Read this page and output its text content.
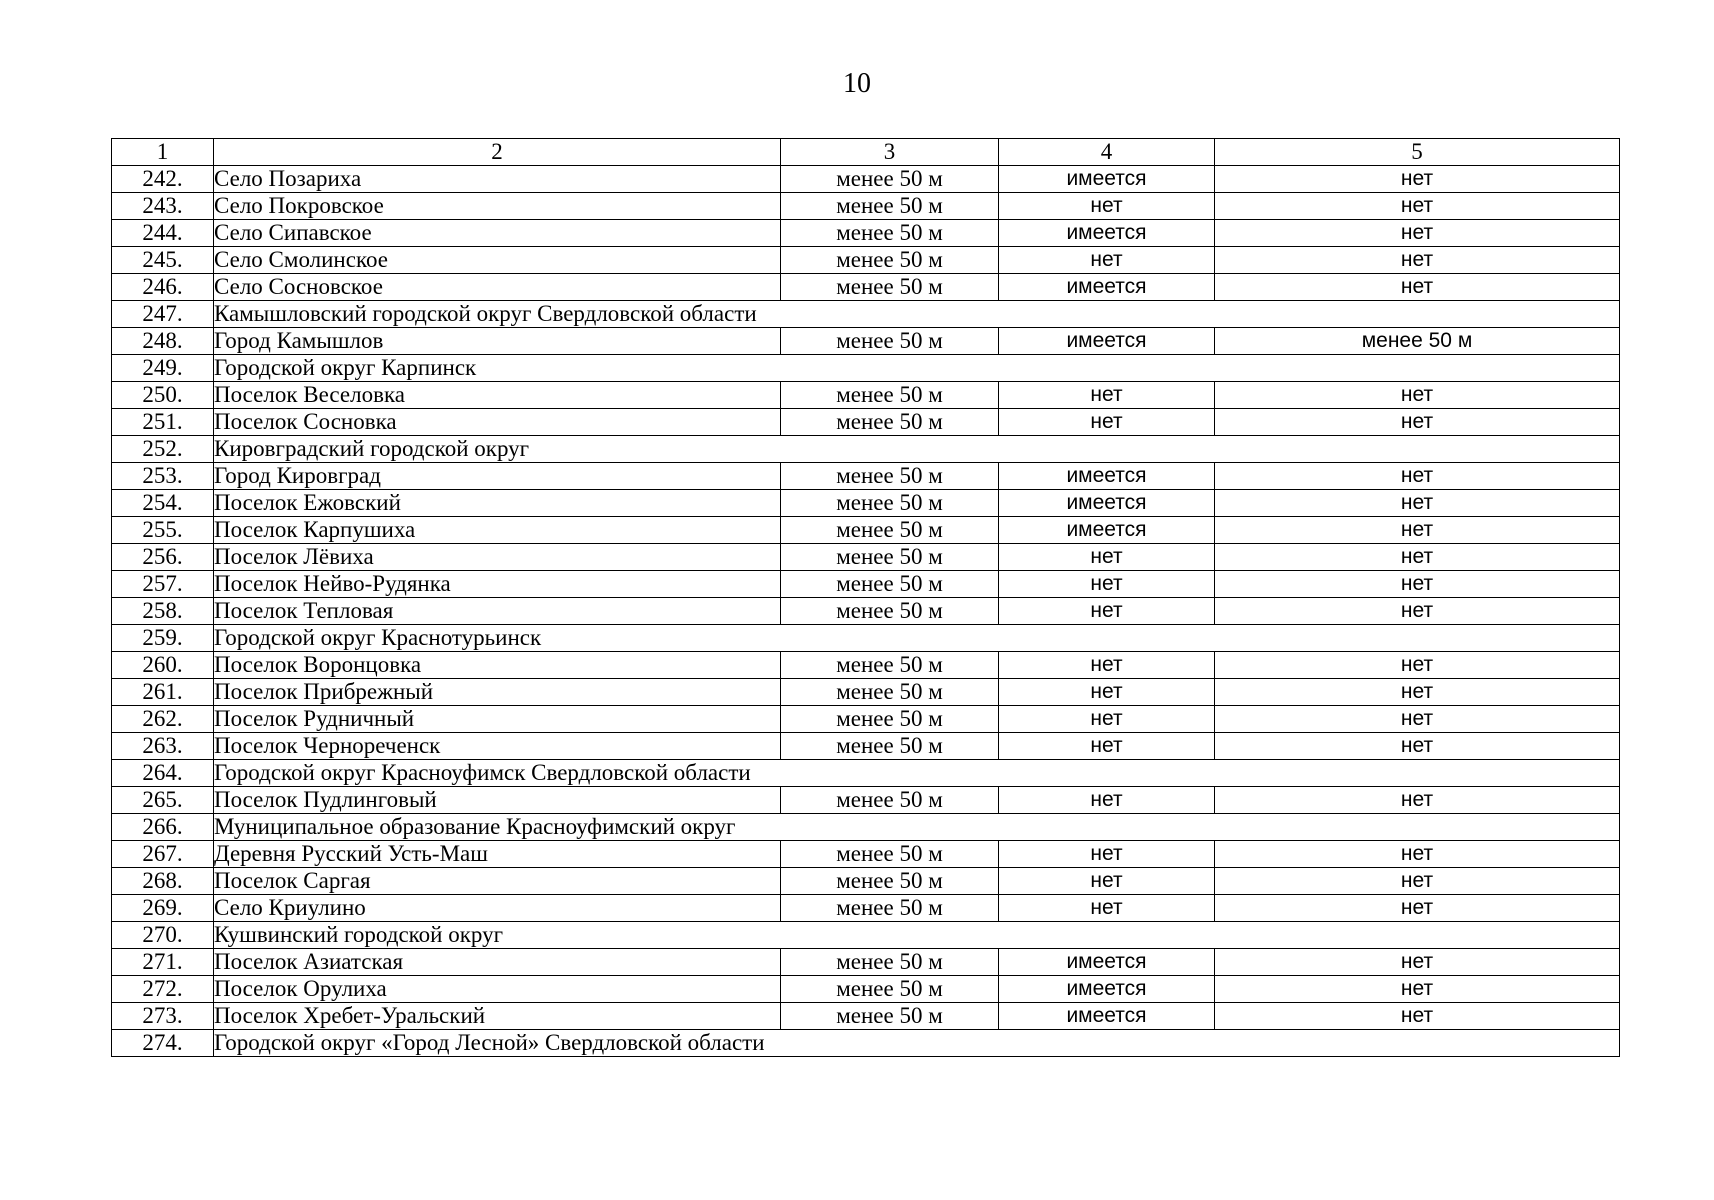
10
1	2	3	4	5
242.	Село Позариха	менее 50 м	имеется	нет
243.	Село Покровское	менее 50 м	нет	нет
244.	Село Сипавское	менее 50 м	имеется	нет
245.	Село Смолинское	менее 50 м	нет	нет
246.	Село Сосновское	менее 50 м	имеется	нет
247.	Камышловский городской округ Свердловской области			
248.	Город Камышлов	менее 50 м	имеется	менее 50 м
249.	Городской округ Карпинск			
250.	Поселок Веселовка	менее 50 м	нет	нет
251.	Поселок Сосновка	менее 50 м	нет	нет
252.	Кировградский городской округ			
253.	Город Кировград	менее 50 м	имеется	нет
254.	Поселок Ежовский	менее 50 м	имеется	нет
255.	Поселок Карпушиха	менее 50 м	имеется	нет
256.	Поселок Лёвиха	менее 50 м	нет	нет
257.	Поселок Нейво-Рудянка	менее 50 м	нет	нет
258.	Поселок Тепловая	менее 50 м	нет	нет
259.	Городской округ Краснотурьинск			
260.	Поселок Воронцовка	менее 50 м	нет	нет
261.	Поселок Прибрежный	менее 50 м	нет	нет
262.	Поселок Рудничный	менее 50 м	нет	нет
263.	Поселок Чернореченск	менее 50 м	нет	нет
264.	Городской округ Красноуфимск Свердловской области			
265.	Поселок Пудлинговый	менее 50 м	нет	нет
266.	Муниципальное образование Красноуфимский округ			
267.	Деревня Русский Усть-Маш	менее 50 м	нет	нет
268.	Поселок Саргая	менее 50 м	нет	нет
269.	Село Криулино	менее 50 м	нет	нет
270.	Кушвинский городской округ			
271.	Поселок Азиатская	менее 50 м	имеется	нет
272.	Поселок Орулиха	менее 50 м	имеется	нет
273.	Поселок Хребет-Уральский	менее 50 м	имеется	нет
274.	Городской округ «Город Лесной» Свердловской области			
